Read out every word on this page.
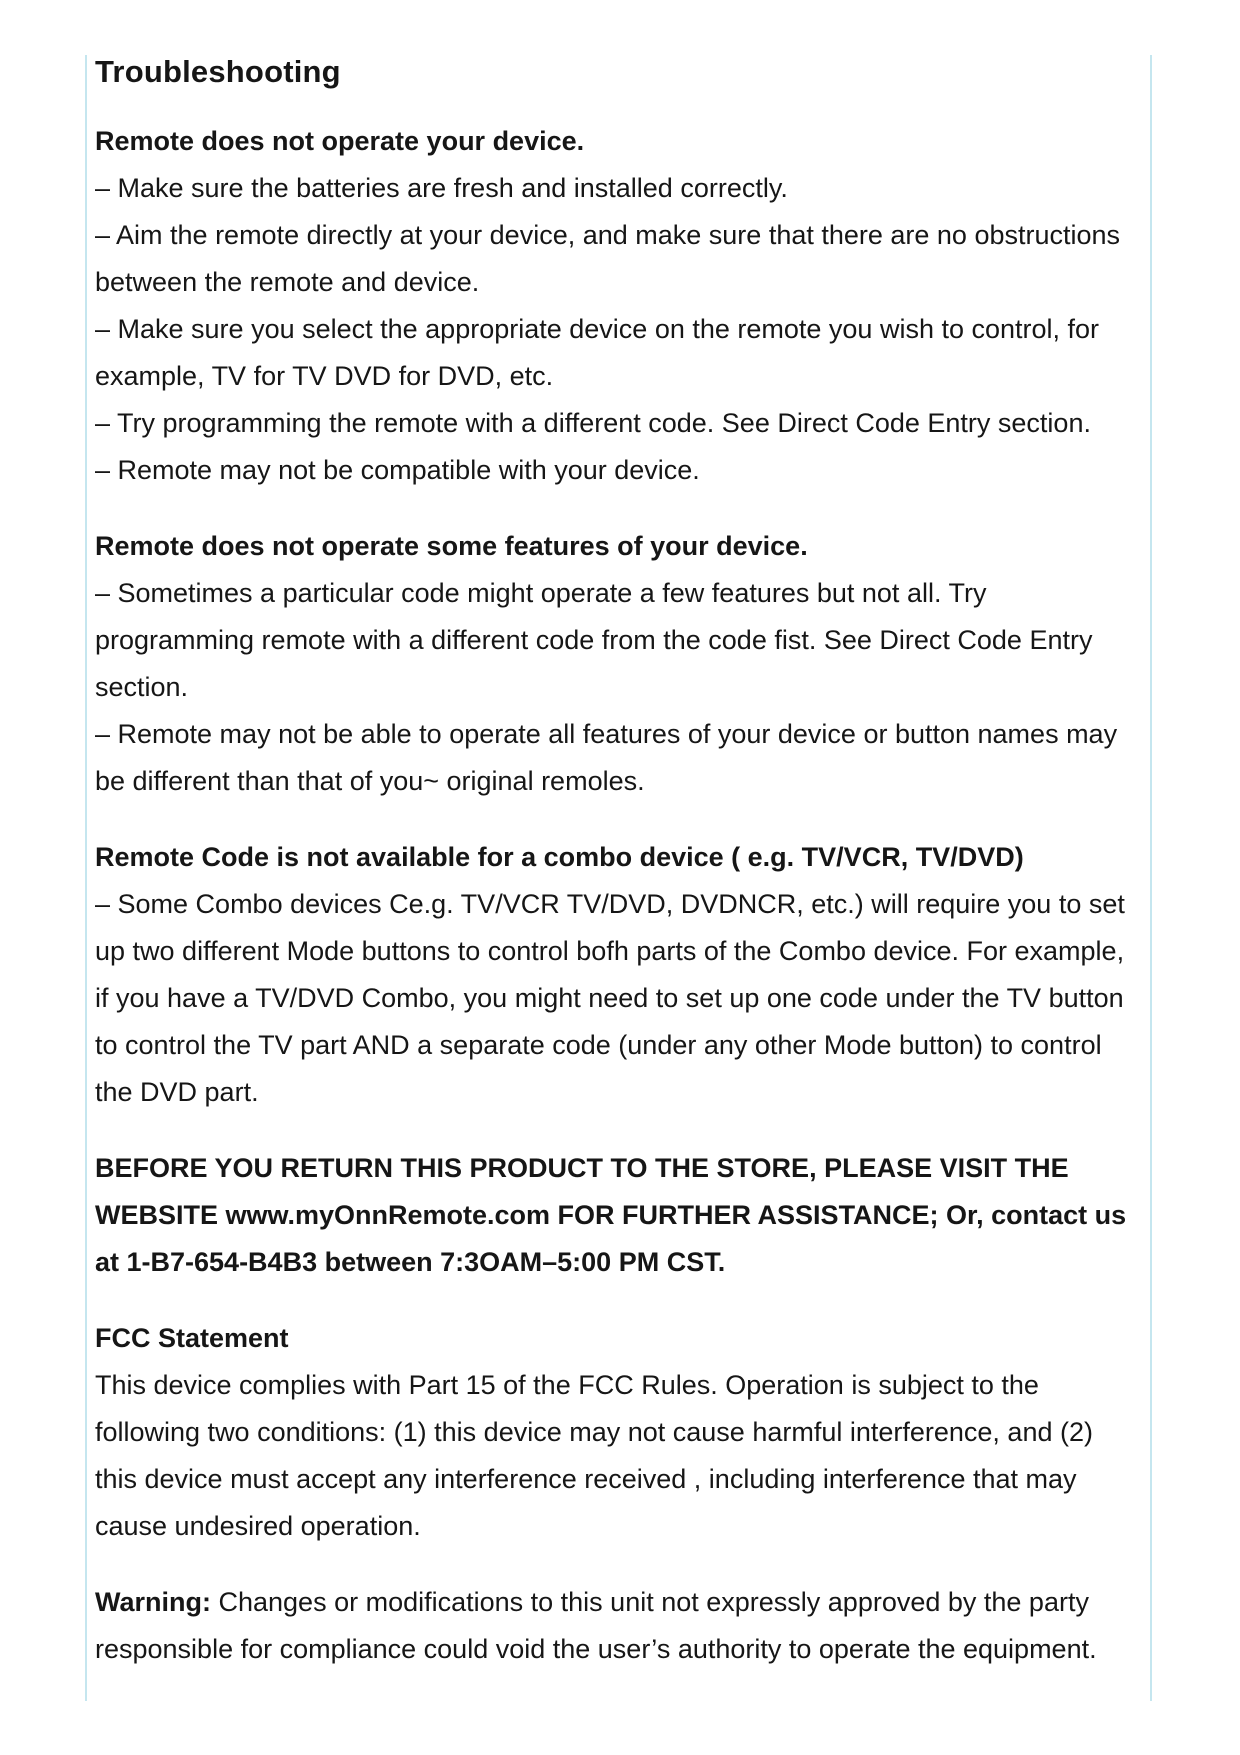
Troubleshooting
Remote does not operate your device.
– Make sure the batteries are fresh and installed correctly.
– Aim the remote directly at your device, and make sure that there are no obstructions
between the remote and device.
– Make sure you select the appropriate device on the remote you wish to control, for
example, TV for TV DVD for DVD, etc.
– Try programming the remote with a different code. See Direct Code Entry section.
– Remote may not be compatible with your device.
Remote does not operate some features of your device.
– Sometimes a particular code might operate a few features but not all. Try
programming remote with a different code from the code fist. See Direct Code Entry
section.
– Remote may not be able to operate all features of your device or button names may
be different than that of you~ original remoles.
Remote Code is not available for a combo device ( e.g. TV/VCR, TV/DVD)
– Some Combo devices Ce.g. TV/VCR TV/DVD, DVDNCR, etc.) will require you to set
up two different Mode buttons to control bofh parts of the Combo device. For example,
if you have a TV/DVD Combo, you might need to set up one code under the TV button
to control the TV part AND a separate code (under any other Mode button) to control
the DVD part.
BEFORE YOU RETURN THIS PRODUCT TO THE STORE, PLEASE VISIT THE
WEBSITE www.myOnnRemote.com FOR FURTHER ASSISTANCE; Or, contact us
at 1-B7-654-B4B3 between 7:3OAM–5:00 PM CST.
FCC Statement
This device complies with Part 15 of the FCC Rules. Operation is subject to the
following two conditions: (1) this device may not cause harmful interference, and (2)
this device must accept any interference received , including interference that may
cause undesired operation.
Warning: Changes or modifications to this unit not expressly approved by the party
responsible for compliance could void the user’s authority to operate the equipment.
